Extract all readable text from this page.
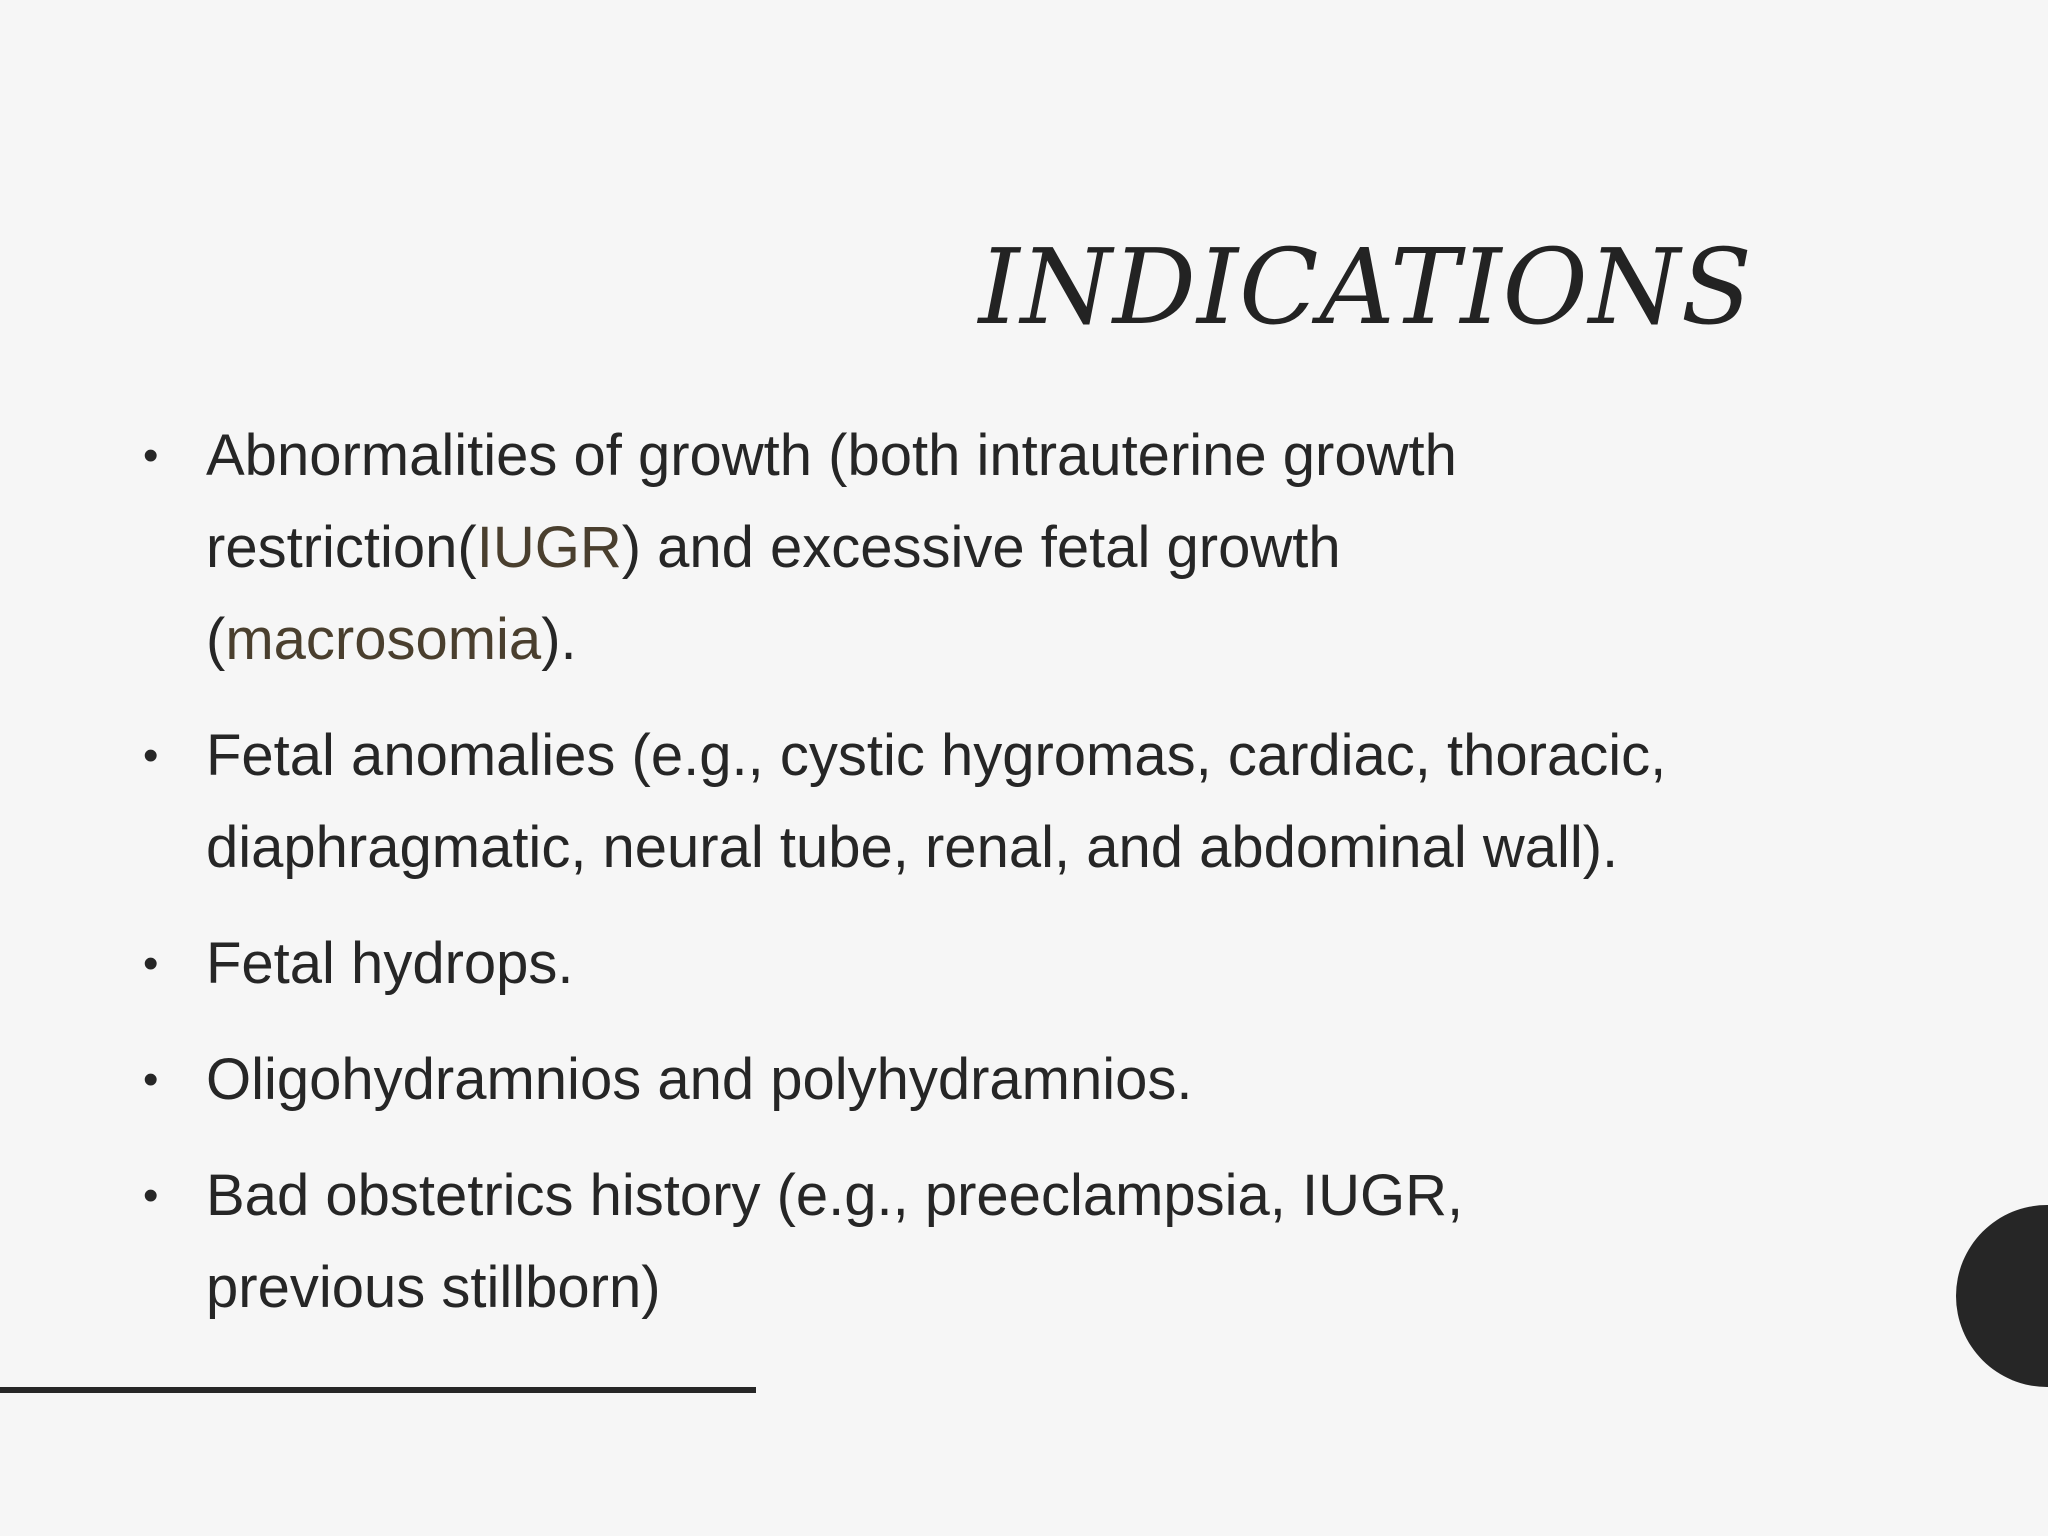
INDICATIONS
• Abnormalities of growth (both intrauterine growth
restriction(IUGR) and excessive fetal growth
(macrosomia).
• Fetal anomalies (e.g., cystic hygromas, cardiac, thoracic,
diaphragmatic, neural tube, renal, and abdominal wall).
• Fetal hydrops.
• Oligohydramnios and polyhydramnios.
• Bad obstetrics history (e.g., preeclampsia, IUGR,
previous stillborn)
